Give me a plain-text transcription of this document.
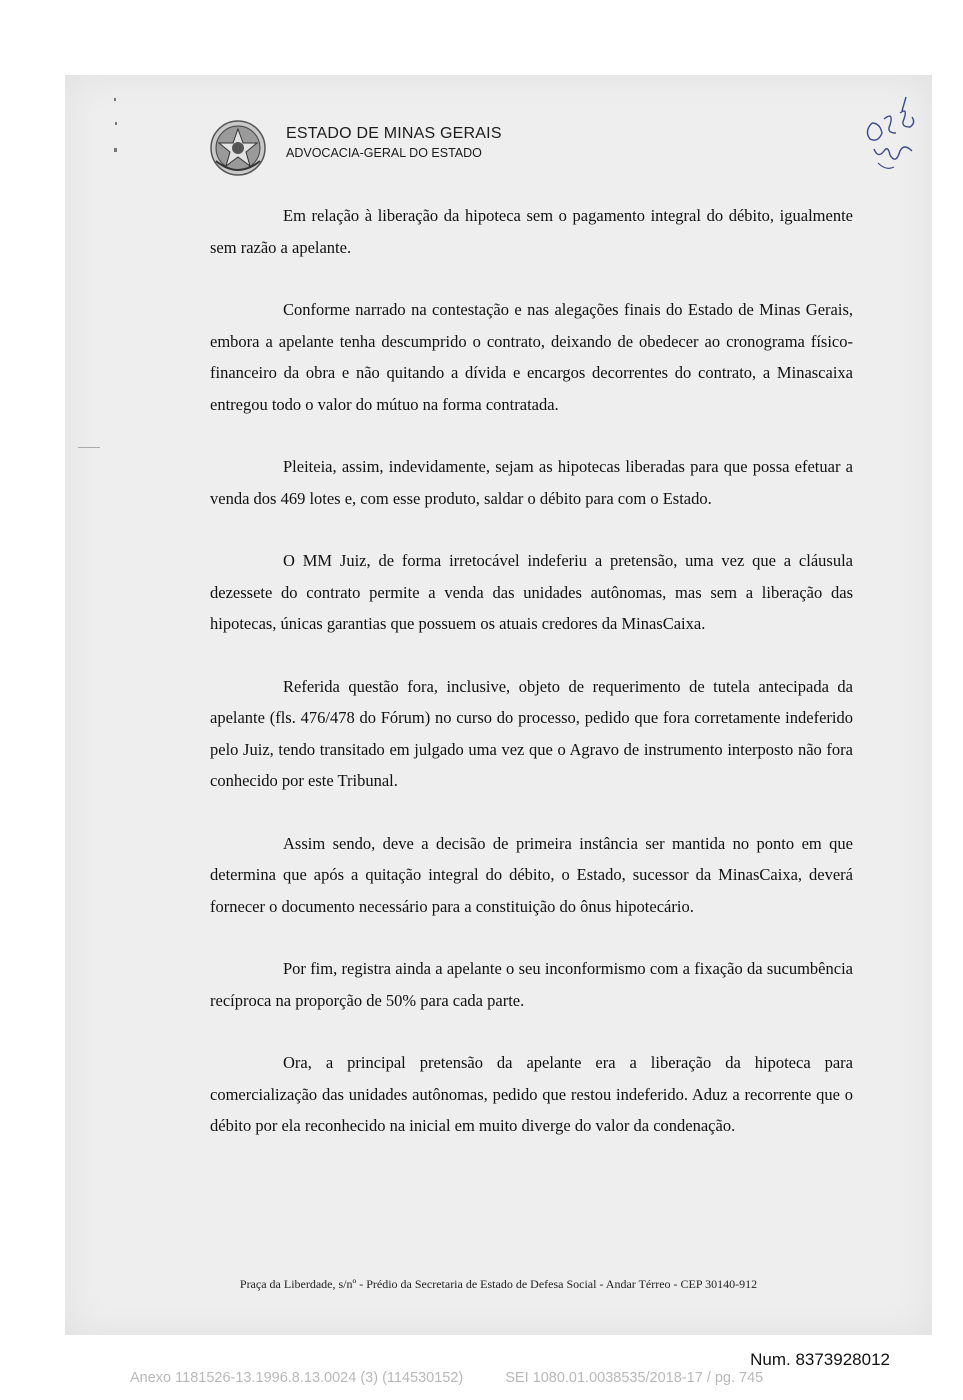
ESTADO DE MINAS GERAIS
ADVOCACIA-GERAL DO ESTADO

Em relação à liberação da hipoteca sem o pagamento integral do débito, igualmente sem razão a apelante.

Conforme narrado na contestação e nas alegações finais do Estado de Minas Gerais, embora a apelante tenha descumprido o contrato, deixando de obedecer ao cronograma físico-financeiro da obra e não quitando a dívida e encargos decorrentes do contrato, a Minascaixa entregou todo o valor do mútuo na forma contratada.

Pleiteia, assim, indevidamente, sejam as hipotecas liberadas para que possa efetuar a venda dos 469 lotes e, com esse produto, saldar o débito para com o Estado.

O MM Juiz, de forma irretocável indeferiu a pretensão, uma vez que a cláusula dezessete do contrato permite a venda das unidades autônomas, mas sem a liberação das hipotecas, únicas garantias que possuem os atuais credores da MinasCaixa.

Referida questão fora, inclusive, objeto de requerimento de tutela antecipada da apelante (fls. 476/478 do Fórum) no curso do processo, pedido que fora corretamente indeferido pelo Juiz, tendo transitado em julgado uma vez que o Agravo de instrumento interposto não fora conhecido por este Tribunal.

Assim sendo, deve a decisão de primeira instância ser mantida no ponto em que determina que após a quitação integral do débito, o Estado, sucessor da MinasCaixa, deverá fornecer o documento necessário para a constituição do ônus hipotecário.

Por fim, registra ainda a apelante o seu inconformismo com a fixação da sucumbência recíproca na proporção de 50% para cada parte.

Ora, a principal pretensão da apelante era a liberação da hipoteca para comercialização das unidades autônomas, pedido que restou indeferido. Aduz a recorrente que o débito por ela reconhecido na inicial em muito diverge do valor da condenação.

Praça da Liberdade, s/nº - Prédio da Secretaria de Estado de Defesa Social - Andar Térreo - CEP 30140-912
Num. 8373928012
Anexo 1181526-13.1996.8.13.0024 (3) (114530152)	SEI 1080.01.0038535/2018-17 / pg. 745
